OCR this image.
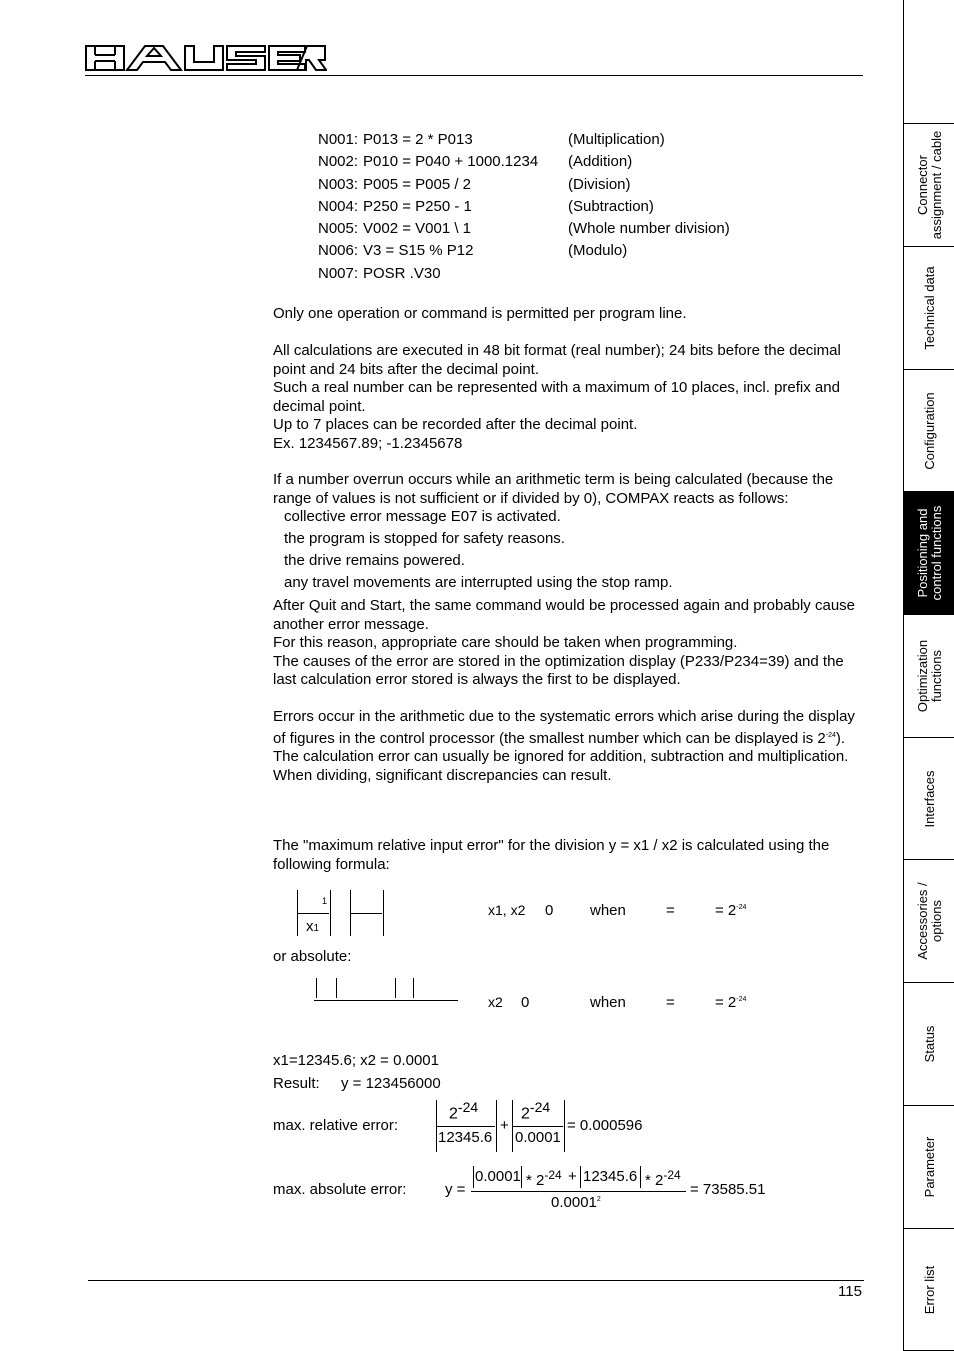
N001: P013 = 2 * P013	(Multiplication)
N002: P010 = P040 + 1000.1234 (Addition)
N003: P005 = P005 / 2	(Division)
N004: P250 = P250 - 1	(Subtraction)
N005: V002 = V001 \ 1	(Whole number division)
N006: V3 = S15 % P12	(Modulo)
N007: POSR .V30

Only one operation or command is permitted per program line.

All calculations are executed in 48 bit format (real number); 24 bits before the decimal point and 24 bits after the decimal point.

Such a real number can be represented with a maximum of 10 places, incl. prefix and decimal point.

Up to 7 places can be recorded after the decimal point.

Ex. 1234567.89; -1.2345678

If a number overrun occurs while an arithmetic term is being calculated (because the range of values is not sufficient or if divided by 0), COMPAX reacts as follows:

collective error message E07 is activated.

the program is stopped for safety reasons.

the drive remains powered.

any travel movements are interrupted using the stop ramp.

After Quit and Start, the same command would be processed again and probably cause another error message.

For this reason, appropriate care should be taken when programming.

The causes of the error are stored in the optimization display (P233/P234=39) and the last calculation error stored is always the first to be displayed.

Errors occur in the arithmetic due to the systematic errors which arise during the display of figures in the control processor (the smallest number which can be displayed is $2^{-24}$).

The calculation error can usually be ignored for addition, subtraction and multiplication.

When dividing, significant discrepancies can result.

The "maximum relative input error" for the division y = x1 / x2 is calculated using the following formula:

1
x1
x1, x2 0 when	=	= $2^{-24}$

or absolute:

x2 0	when	=	= $2^{-24}$

x1=12345.6; x2 = 0.0001

Result: y = 123456000
max. relative error:
$2^{-24}$
12345.6
+
$2^{-24}$
0.0001
= 0.000596
max. absolute error:	y =
$0.0001 * 2^{-24} + 12345.6 * 2^{-24}$
$0.0001^2$
= 73585.51
115
Connector
assignment / cable
Technical data
Configuration
Positioning and
control functions
Optimization
functions
Interfaces
Accessories /
options
Status
Parameter
Error list
